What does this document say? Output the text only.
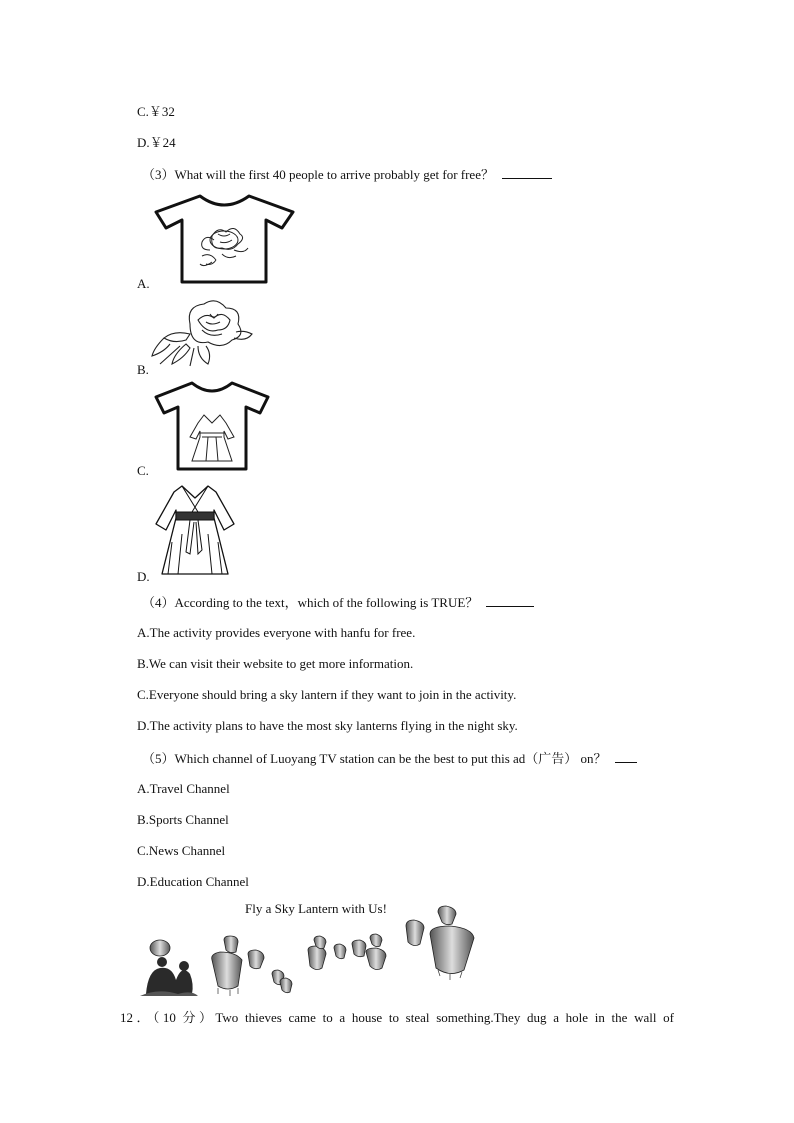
C.￥32
D.￥24
（3）What will the first 40 people to arrive probably get for free？
A.
B.
C.
D.
（4）According to the text，which of the following is TRUE？
A.The activity provides everyone with hanfu for free.
B.We can visit their website to get more information.
C.Everyone should bring a sky lantern if they want to join in the activity.
D.The activity plans to have the most sky lanterns flying in the night sky.
（5）Which channel of Luoyang TV station can be the best to put this ad（广告） on？
A.Travel Channel
B.Sports Channel
C.News Channel
D.Education Channel
Fly a Sky Lantern with Us!
12．（10 分）Two thieves came to a house to steal something.They dug a hole in the wall of
